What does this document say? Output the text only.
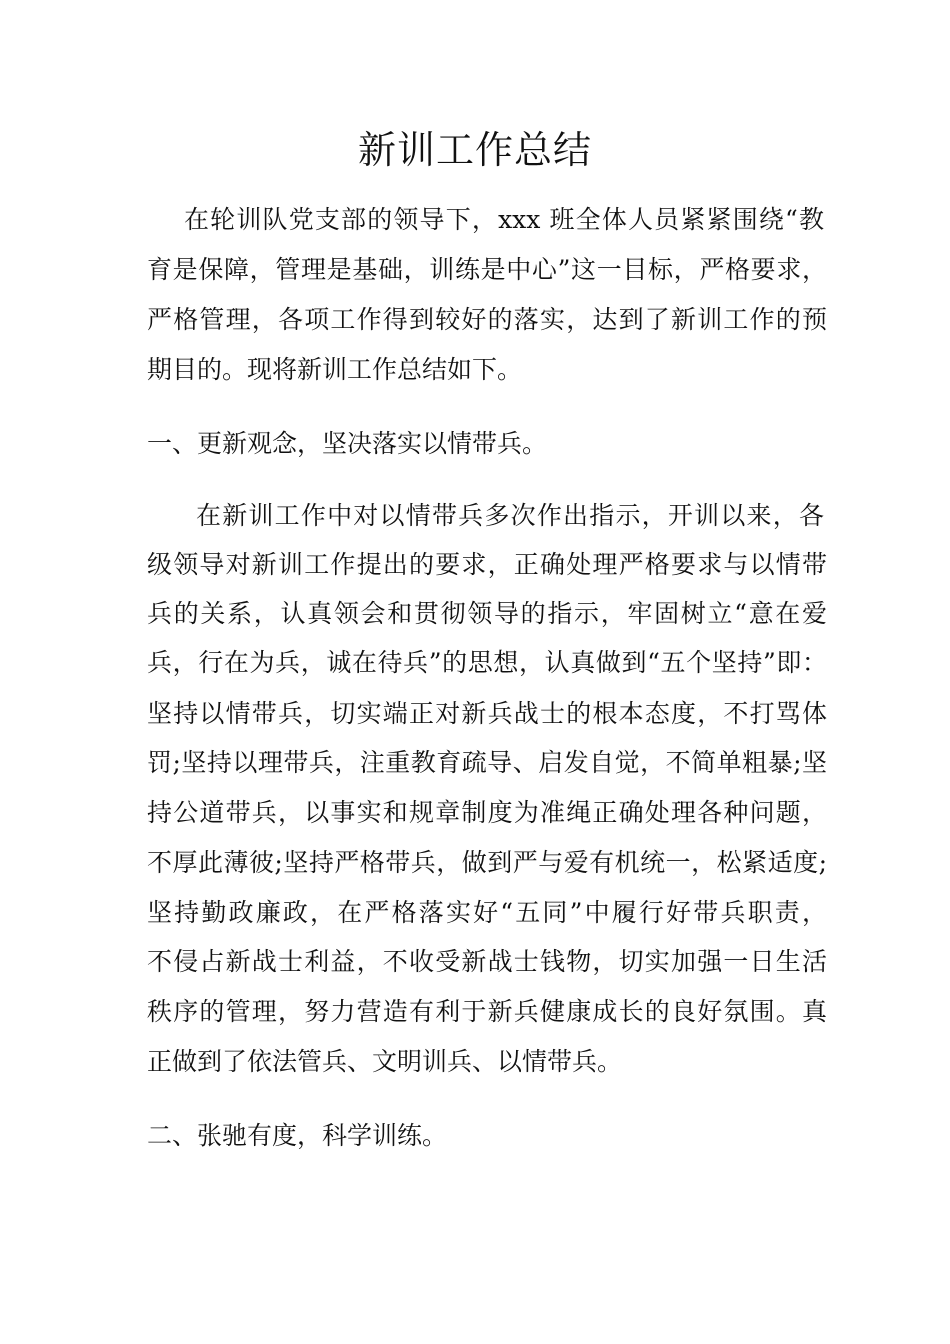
新训工作总结
在轮训队党支部的领导下，xxx 班全体人员紧紧围绕“教
育是保障，管理是基础，训练是中心”这一目标，严格要求，
严格管理，各项工作得到较好的落实，达到了新训工作的预
期目的。现将新训工作总结如下。
一、更新观念，坚决落实以情带兵。
在新训工作中对以情带兵多次作出指示，开训以来，各
级领导对新训工作提出的要求，正确处理严格要求与以情带
兵的关系，认真领会和贯彻领导的指示，牢固树立“意在爱
兵，行在为兵，诚在待兵”的思想，认真做到“五个坚持”即：
坚持以情带兵，切实端正对新兵战士的根本态度，不打骂体
罚;坚持以理带兵，注重教育疏导、启发自觉，不简单粗暴;坚
持公道带兵，以事实和规章制度为准绳正确处理各种问题，
不厚此薄彼;坚持严格带兵，做到严与爱有机统一，松紧适度;
坚持勤政廉政，在严格落实好“五同”中履行好带兵职责，
不侵占新战士利益，不收受新战士钱物，切实加强一日生活
秩序的管理，努力营造有利于新兵健康成长的良好氛围。真
正做到了依法管兵、文明训兵、以情带兵。
二、张驰有度，科学训练。
